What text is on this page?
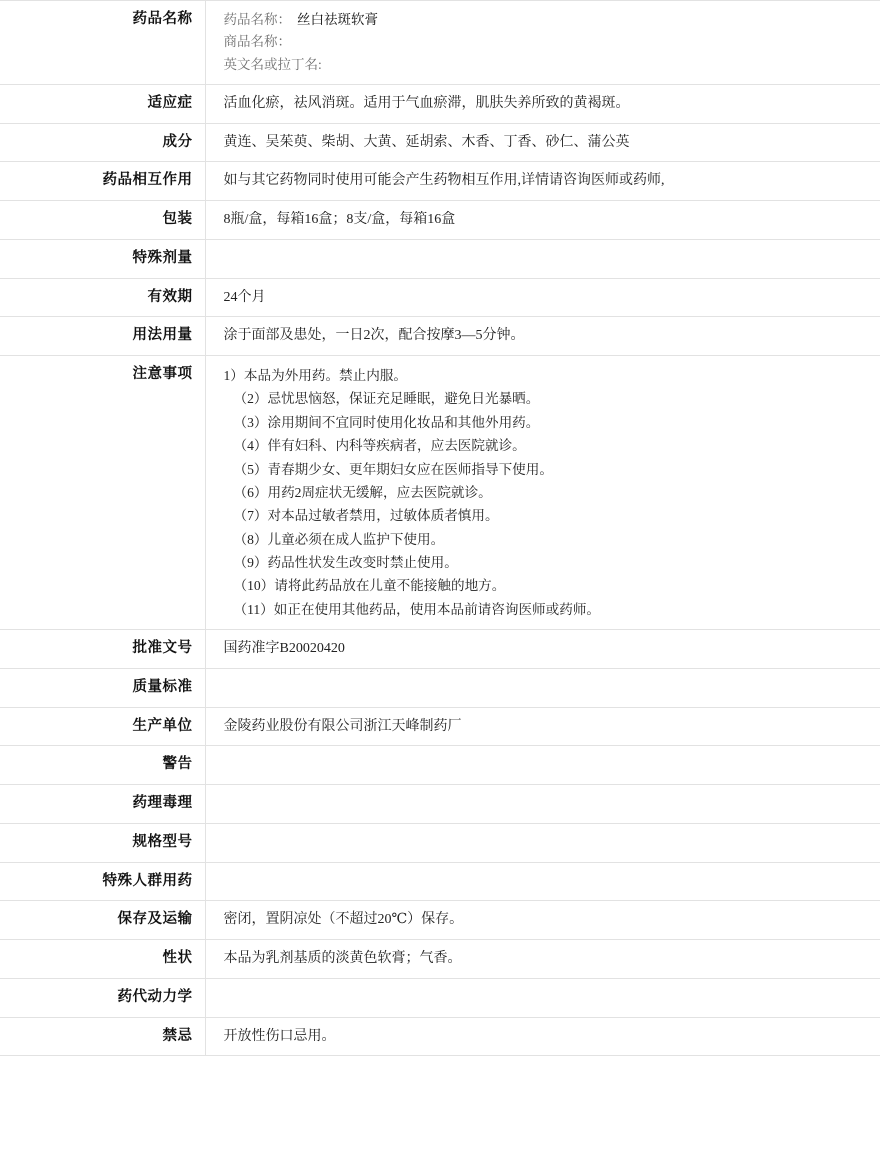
药品名称	药品名称： 丝白祛斑软膏
商品名称：
英文名或拉丁名:

适应症	活血化瘀，祛风消斑。适用于气血瘀滞，肌肤失养所致的黄褐斑。
成分	黄连、吴茱萸、柴胡、大黄、延胡索、木香、丁香、砂仁、蒲公英
药品相互作用	如与其它药物同时使用可能会产生药物相互作用,详情请咨询医师或药师,
包装	8瓶/盒，每箱16盒；8支/盒，每箱16盒
特殊剂量	
有效期	24个月
用法用量	涂于面部及患处，一日2次，配合按摩3—5分钟。
注意事项	1）本品为外用药。禁止内服。
（2）忌忧思恼怒，保证充足睡眠，避免日光暴晒。
（3）涂用期间不宜同时使用化妆品和其他外用药。
（4）伴有妇科、内科等疾病者，应去医院就诊。
（5）青春期少女、更年期妇女应在医师指导下使用。
（6）用药2周症状无缓解，应去医院就诊。
（7）对本品过敏者禁用，过敏体质者慎用。
（8）儿童必须在成人监护下使用。
（9）药品性状发生改变时禁止使用。
（10）请将此药品放在儿童不能接触的地方。
（11）如正在使用其他药品，使用本品前请咨询医师或药师。

批准文号	国药准字B20020420
质量标准	
生产单位	金陵药业股份有限公司浙江天峰制药厂
警告	
药理毒理	
规格型号	
特殊人群用药	
保存及运输	密闭，置阴凉处（不超过20℃）保存。
性状	本品为乳剂基质的淡黄色软膏；气香。
药代动力学	
禁忌	开放性伤口忌用。
